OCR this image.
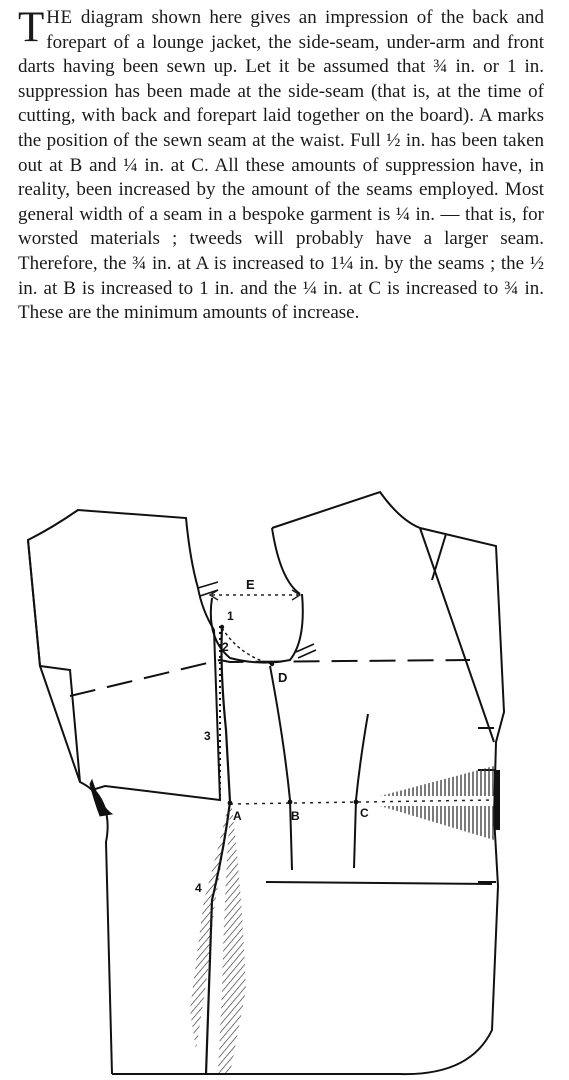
THE diagram shown here gives an impression of the back and forepart of a lounge jacket, the side-seam, under-arm and front darts having been sewn up. Let it be assumed that ¾ in. or 1 in. suppression has been made at the side-seam (that is, at the time of cutting, with back and forepart laid together on the board). A marks the position of the sewn seam at the waist. Full ½ in. has been taken out at B and ¼ in. at C. All these amounts of suppression have, in reality, been increased by the amount of the seams employed. Most general width of a seam in a bespoke garment is ¼ in. — that is, for worsted materials ; tweeds will probably have a larger seam. Therefore, the ¾ in. at A is increased to 1¼ in. by the seams ; the ½ in. at B is increased to 1 in. and the ¼ in. at C is increased to ¾ in. These are the minimum amounts of increase.
E
1
2
D
3
A	B	C
4
